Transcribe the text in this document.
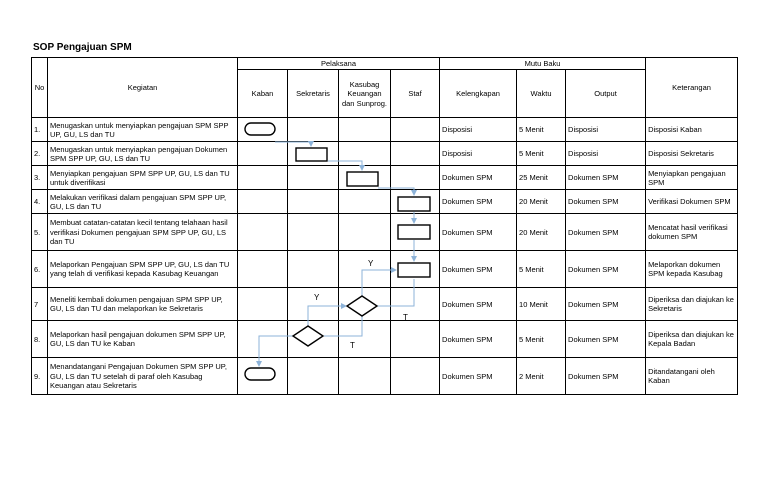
SOP Pengajuan SPM
No	Kegiatan	Pelaksana				Mutu Baku			Keterangan
		Kaban	Sekretaris	Kasubag Keuangan dan Sunprog.	Staf	Kelengkapan	Waktu	Output	
1.	Menugaskan untuk menyiapkan pengajuan SPM SPP UP, GU, LS dan TU					Disposisi	5 Menit	Disposisi	Disposisi Kaban
2.	Menugaskan untuk menyiapkan pengajuan Dokumen SPM SPP UP, GU, LS dan TU					Disposisi	5 Menit	Disposisi	Disposisi Sekretaris
3.	Menyiapkan pengajuan SPM SPP UP, GU, LS dan TU untuk diverifikasi					Dokumen SPM	25 Menit	Dokumen SPM	Menyiapkan pengajuan SPM
4.	Melakukan verifikasi dalam pengajuan SPM SPP UP, GU, LS dan TU					Dokumen SPM	20 Menit	Dokumen SPM	Verifikasi Dokumen SPM
5.	Membuat catatan-catatan kecil tentang telahaan hasil verifikasi Dokumen pengajuan SPM SPP UP, GU, LS dan TU					Dokumen SPM	20 Menit	Dokumen SPM	Mencatat hasil verifikasi dokumen SPM
6.	Melaporkan Pengajuan SPM SPP UP, GU, LS dan TU yang telah di verifikasi kepada Kasubag Keuangan					Dokumen SPM	5 Menit	Dokumen SPM	Melaporkan dokumen SPM kepada Kasubag
7	Meneliti kembali dokumen pengajuan SPM SPP UP, GU, LS dan TU dan melaporkan ke Sekretaris					Dokumen SPM	10 Menit	Dokumen SPM	Diperiksa dan diajukan ke Sekretaris
8.	Melaporkan hasil pengajuan dokumen SPM SPP UP, GU, LS dan TU ke Kaban					Dokumen SPM	5 Menit	Dokumen SPM	Diperiksa dan diajukan ke Kepala Badan
9.	Menandatangani Pengajuan Dokumen SPM SPP UP, GU, LS dan TU setelah di paraf oleh Kasubag Keuangan atau Sekretaris					Dokumen SPM	2 Menit	Dokumen SPM	Ditandatangani oleh Kaban
Y
T
Y
T
